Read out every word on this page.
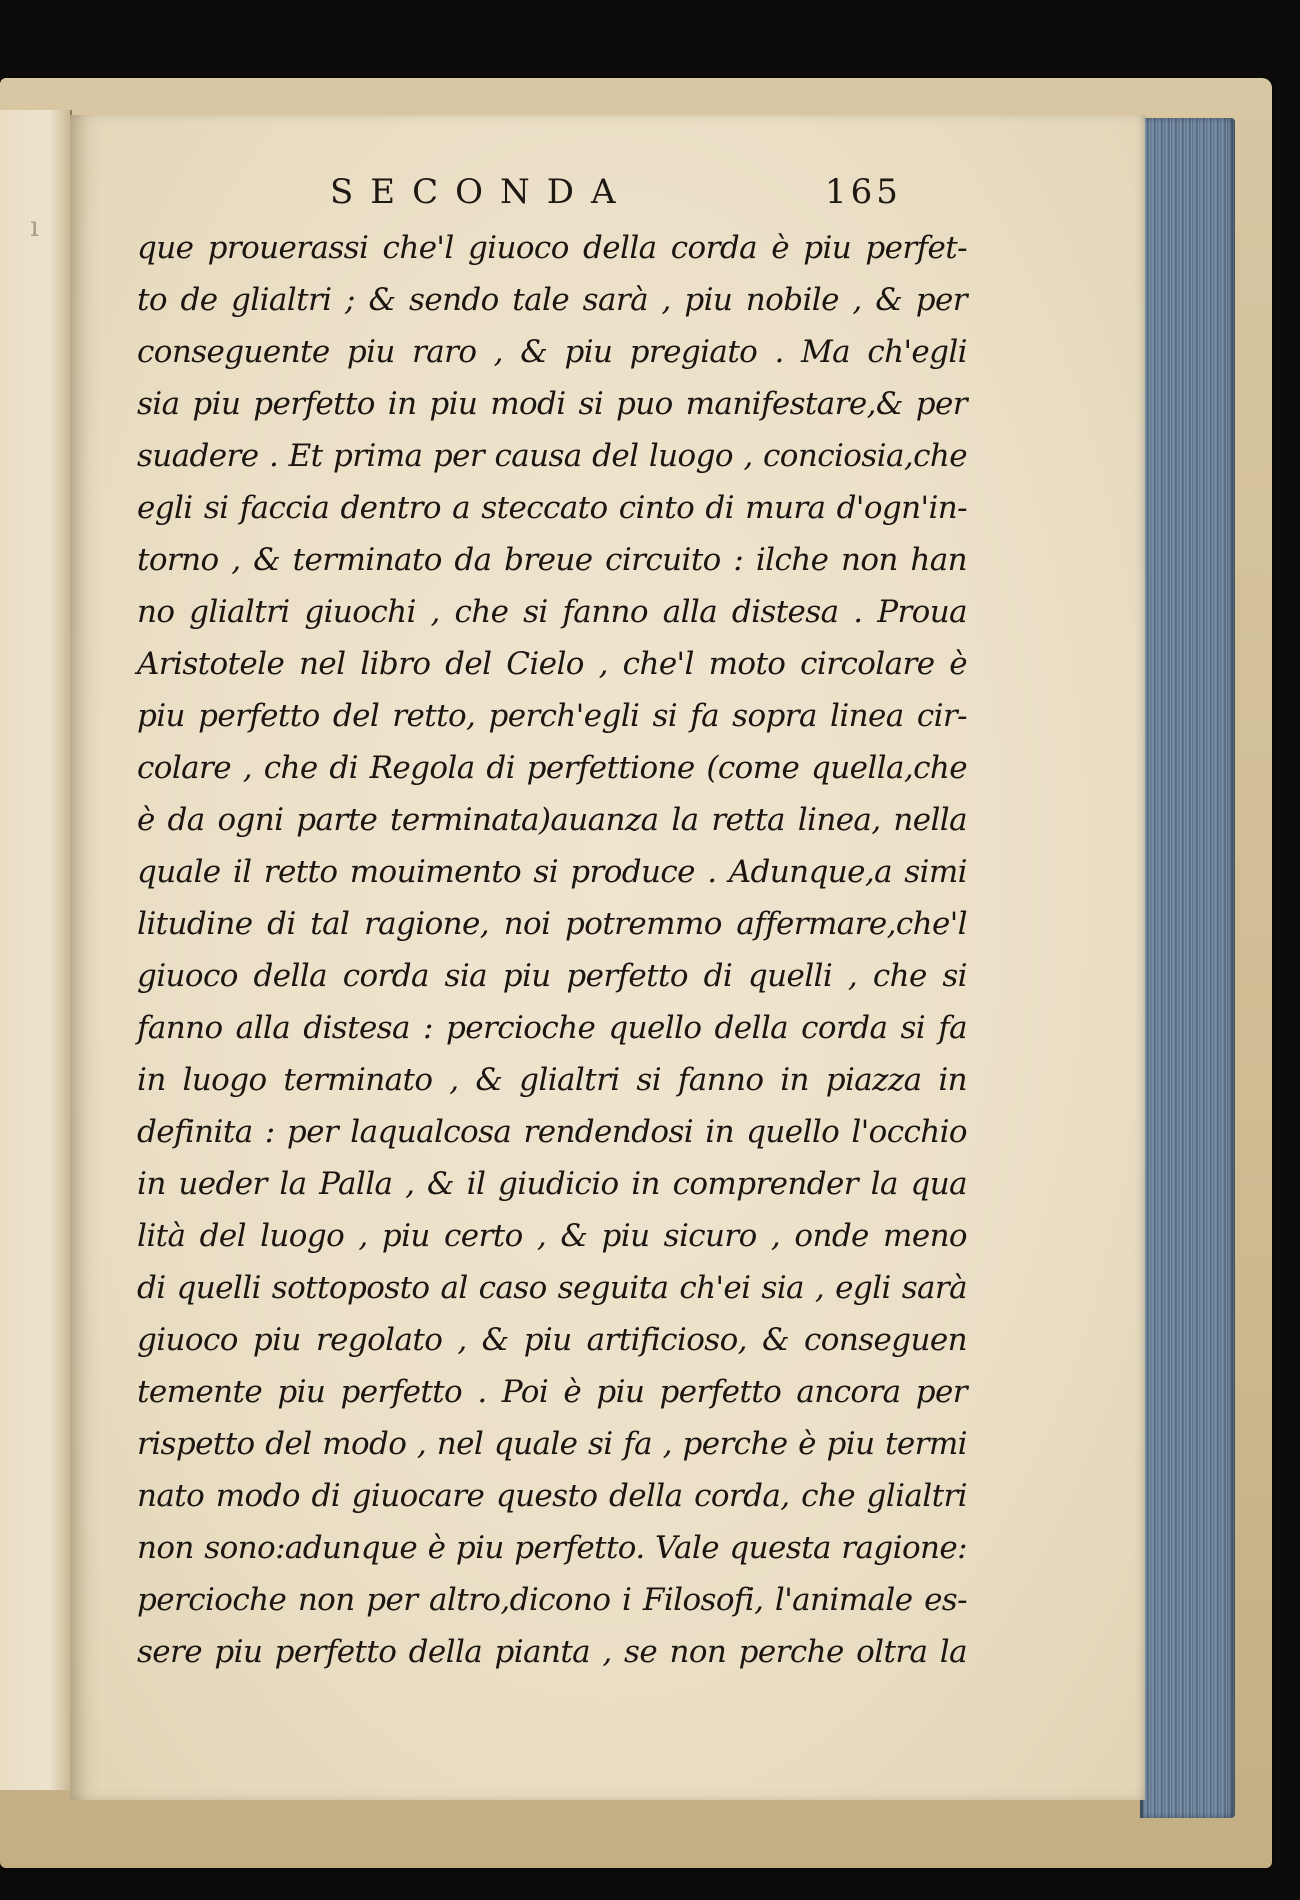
ı
SECONDA	165
que prouerassi che'l giuoco della corda è piu perfet-
to de glialtri ; & sendo tale sarà , piu nobile , & per
conseguente piu raro , & piu pregiato . Ma ch'egli
sia piu perfetto in piu modi si puo manifestare,& per
suadere . Et prima per causa del luogo , conciosia,che
egli si faccia dentro a steccato cinto di mura d'ogn'in-
torno , & terminato da breue circuito : ilche non han
no glialtri giuochi , che si fanno alla distesa . Proua
Aristotele nel libro del Cielo , che'l moto circolare è
piu perfetto del retto, perch'egli si fa sopra linea cir-
colare , che di Regola di perfettione (come quella,che
è da ogni parte terminata)auanza la retta linea, nella
quale il retto mouimento si produce . Adunque,a simi
litudine di tal ragione, noi potremmo affermare,che'l
giuoco della corda sia piu perfetto di quelli , che si
fanno alla distesa : percioche quello della corda si fa
in luogo terminato , & glialtri si fanno in piazza in
definita : per laqualcosa rendendosi in quello l'occhio
in ueder la Palla , & il giudicio in comprender la qua
lità del luogo , piu certo , & piu sicuro , onde meno
di quelli sottoposto al caso seguita ch'ei sia , egli sarà
giuoco piu regolato , & piu artificioso, & conseguen
temente piu perfetto . Poi è piu perfetto ancora per
rispetto del modo , nel quale si fa , perche è piu termi
nato modo di giuocare questo della corda, che glialtri
non sono:adunque è piu perfetto. Vale questa ragione:
percioche non per altro,dicono i Filosofi, l'animale es-
sere piu perfetto della pianta , se non perche oltra la
